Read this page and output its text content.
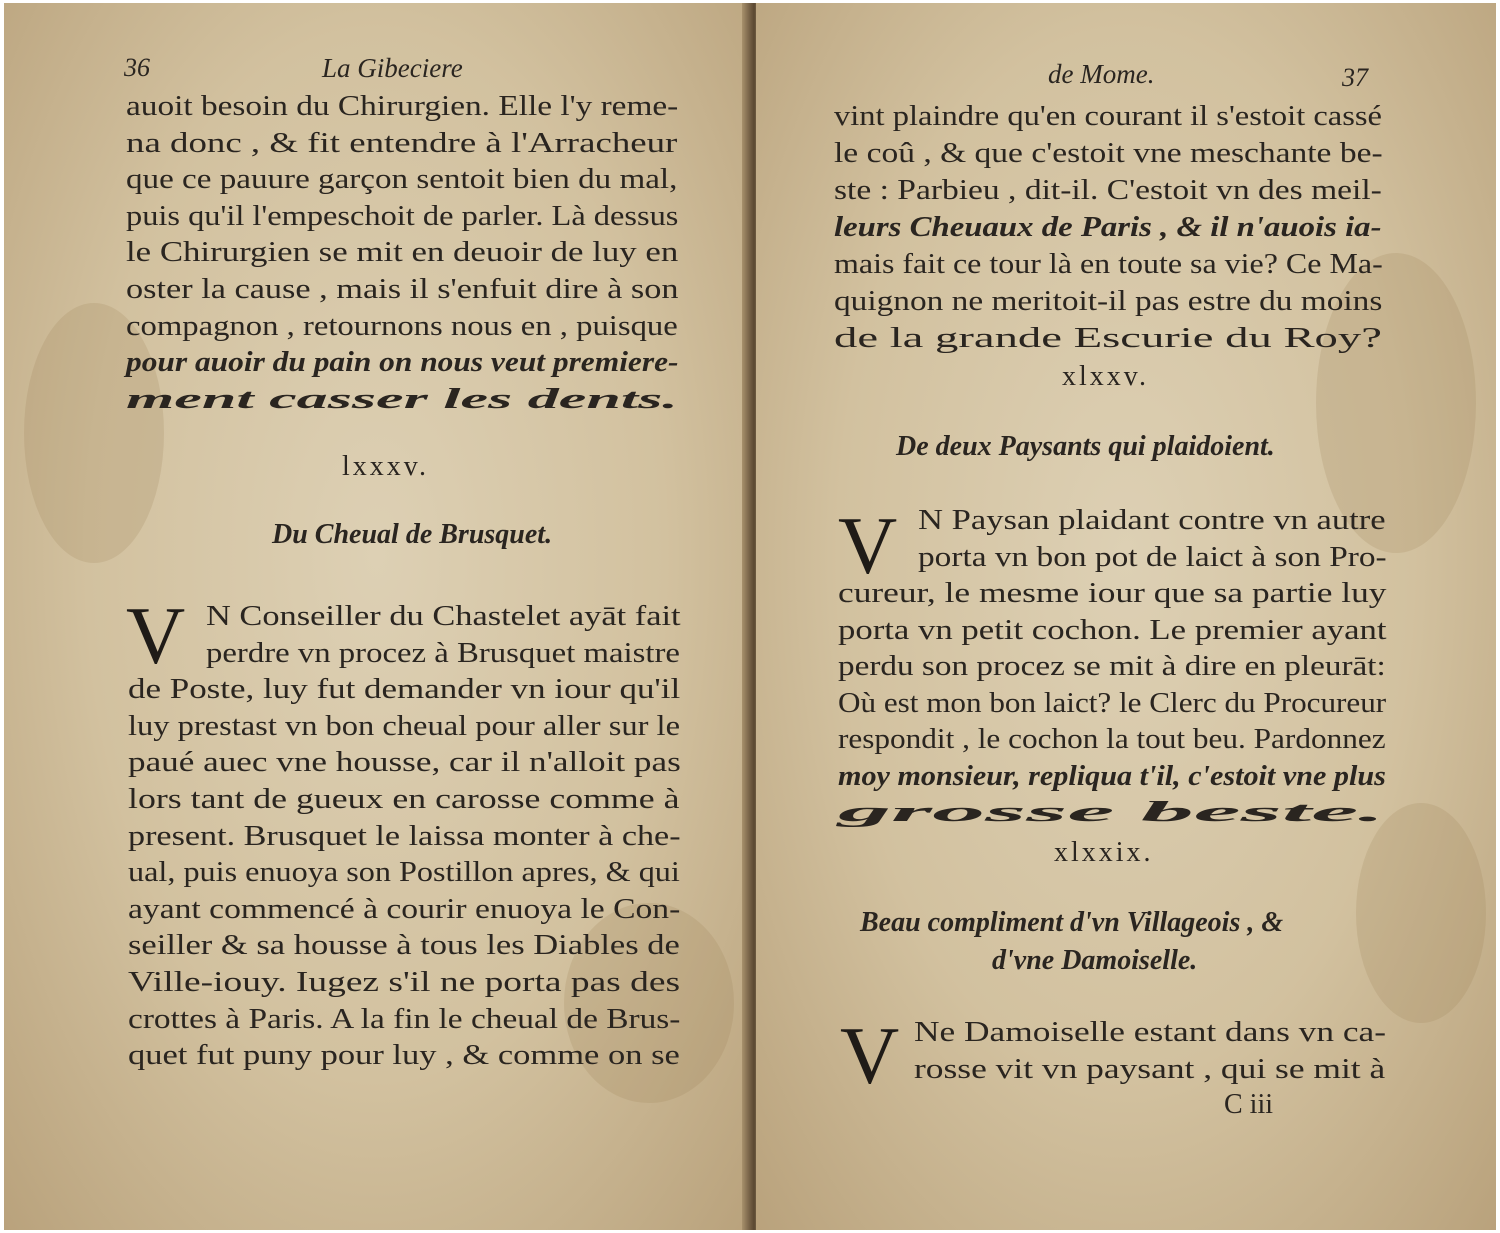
36	La Gibeciere
auoit besoin du Chirurgien. Elle l'y reme-
na donc , & fit entendre à l'Arracheur
que ce pauure garçon sentoit bien du mal,
puis qu'il l'empeschoit de parler. Là dessus
le Chirurgien se mit en deuoir de luy en
oster la cause , mais il s'enfuit dire à son
compagnon , retournons nous en , puisque
pour auoir du pain on nous veut premiere-
ment casser les dents.
lxxxv.
Du Cheual de Brusquet.
V N Conseiller du Chastelet ayāt fait
perdre vn procez à Brusquet maistre
de Poste, luy fut demander vn iour qu'il
luy prestast vn bon cheual pour aller sur le
paué auec vne housse, car il n'alloit pas
lors tant de gueux en carosse comme à
present. Brusquet le laissa monter à che-
ual, puis enuoya son Postillon apres, & qui
ayant commencé à courir enuoya le Con-
seiller & sa housse à tous les Diables de
Ville-iouy. Iugez s'il ne porta pas des
crottes à Paris. A la fin le cheual de Brus-
quet fut puny pour luy , & comme on se
de Mome.	37
vint plaindre qu'en courant il s'estoit cassé
le coû , & que c'estoit vne meschante be-
ste : Parbieu , dit-il. C'estoit vn des meil-
leurs Cheuaux de Paris , & il n'auois ia-
mais fait ce tour là en toute sa vie? Ce Ma-
quignon ne meritoit-il pas estre du moins
de la grande Escurie du Roy?
xlxxv.
De deux Paysants qui plaidoient.
V N Paysan plaidant contre vn autre
porta vn bon pot de laict à son Pro-
cureur, le mesme iour que sa partie luy
porta vn petit cochon. Le premier ayant
perdu son procez se mit à dire en pleurāt:
Où est mon bon laict? le Clerc du Procureur
respondit , le cochon la tout beu. Pardonnez
moy monsieur, repliqua t'il, c'estoit vne plus
grosse beste.
xlxxix.
Beau compliment d'vn Villageois , &
d'vne Damoiselle.
V Ne Damoiselle estant dans vn ca-
rosse vit vn paysant , qui se mit à
C iii
